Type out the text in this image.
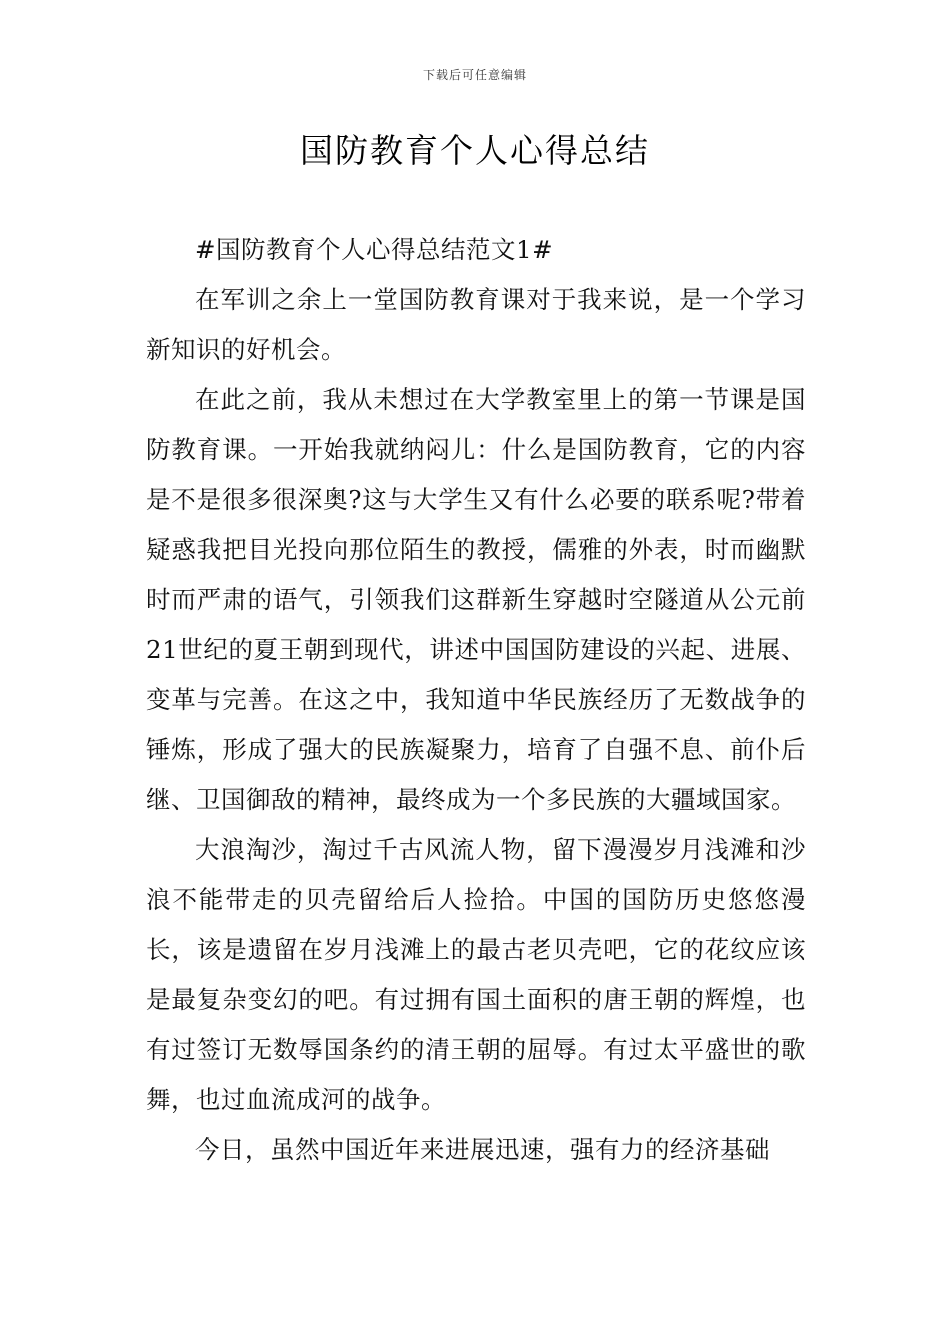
下载后可任意编辑
国防教育个人心得总结

#国防教育个人心得总结范文1#

在军训之余上一堂国防教育课对于我来说，是一个学习新知识的好机会。

在此之前，我从未想过在大学教室里上的第一节课是国防教育课。一开始我就纳闷儿：什么是国防教育，它的内容是不是很多很深奥?这与大学生又有什么必要的联系呢?带着疑惑我把目光投向那位陌生的教授，儒雅的外表，时而幽默时而严肃的语气，引领我们这群新生穿越时空隧道从公元前21世纪的夏王朝到现代，讲述中国国防建设的兴起、进展、变革与完善。在这之中，我知道中华民族经历了无数战争的锤炼，形成了强大的民族凝聚力，培育了自强不息、前仆后继、卫国御敌的精神，最终成为一个多民族的大疆域国家。

大浪淘沙，淘过千古风流人物，留下漫漫岁月浅滩和沙浪不能带走的贝壳留给后人捡拾。中国的国防历史悠悠漫长，该是遗留在岁月浅滩上的最古老贝壳吧，它的花纹应该是最复杂变幻的吧。有过拥有国土面积的唐王朝的辉煌，也有过签订无数辱国条约的清王朝的屈辱。有过太平盛世的歌舞，也过血流成河的战争。

今日，虽然中国近年来进展迅速，强有力的经济基础
